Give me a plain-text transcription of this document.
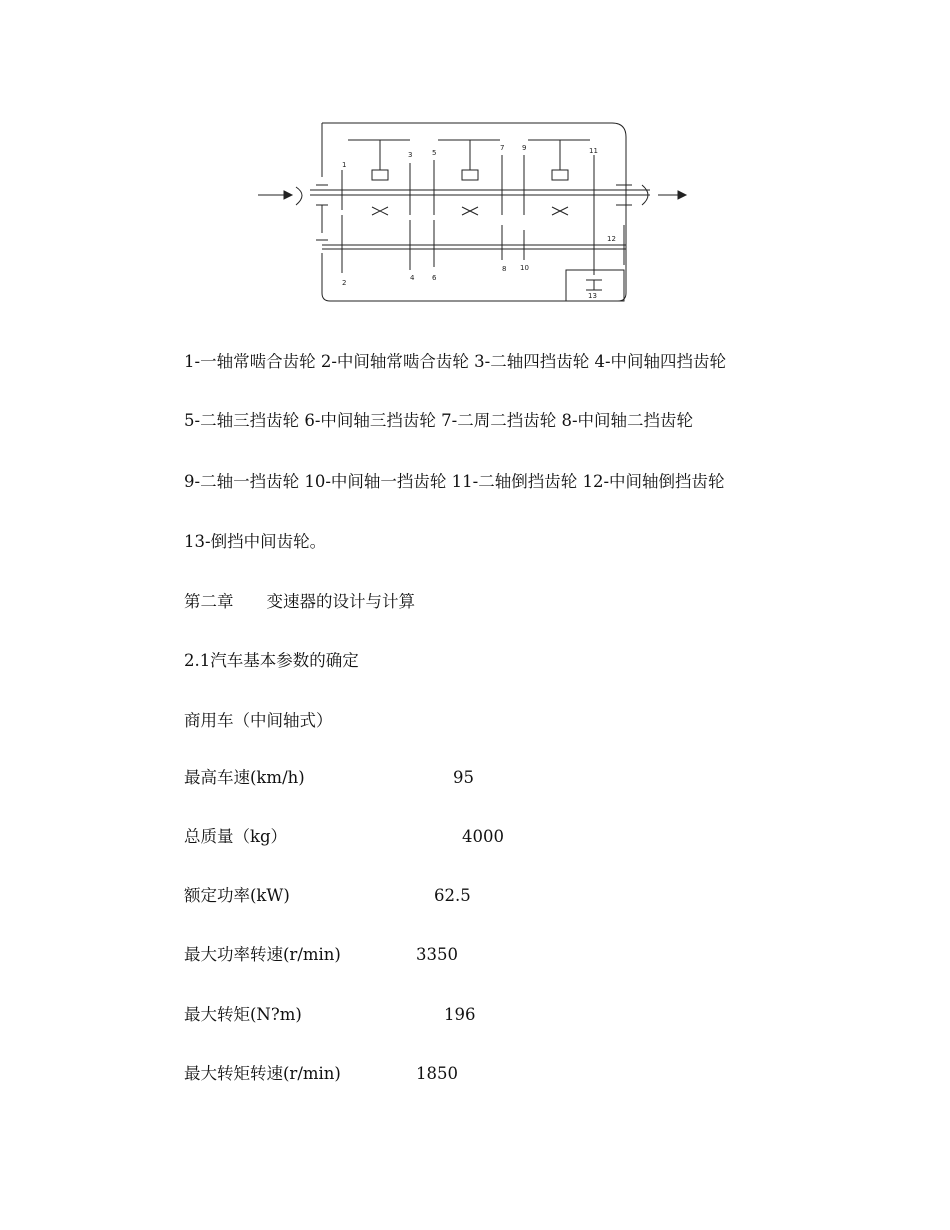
1
2
3
4
5
6
7
8
9
10
11
12
13

1-一轴常啮合齿轮 2-中间轴常啮合齿轮 3-二轴四挡齿轮 4-中间轴四挡齿轮

5-二轴三挡齿轮 6-中间轴三挡齿轮 7-二周二挡齿轮 8-中间轴二挡齿轮

9-二轴一挡齿轮 10-中间轴一挡齿轮 11-二轴倒挡齿轮 12-中间轴倒挡齿轮

13-倒挡中间齿轮。

第二章　　变速器的设计与计算

2.1汽车基本参数的确定

商用车（中间轴式）

最高车速(km/h)	95

总质量（kg）	4000

额定功率(kW)	62.5

最大功率转速(r/min)	3350

最大转矩(N?m)	196

最大转矩转速(r/min)	1850
